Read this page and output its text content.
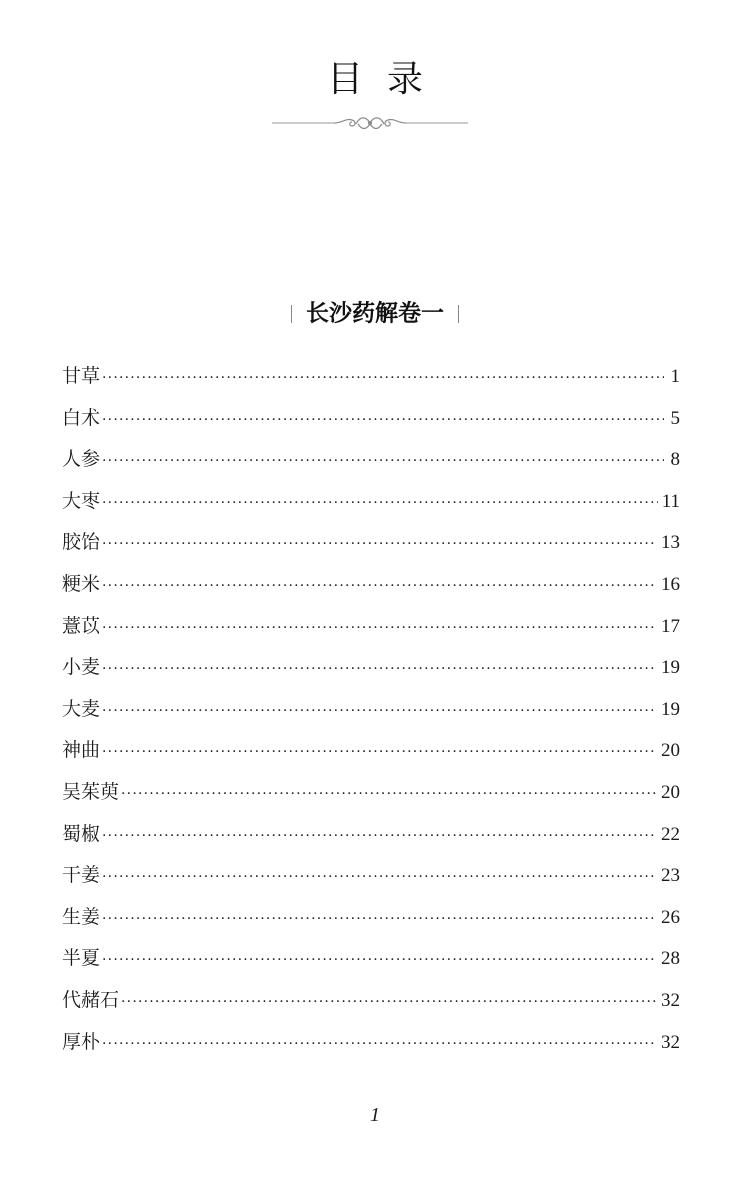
目录
长沙药解卷一
甘草 ·····	1
白术 ·····	5
人参 ·····	8
大枣 ·····	11
胶饴 ·····	13
粳米 ·····	16
薏苡 ·····	17
小麦 ·····	19
大麦 ·····	19
神曲 ·····	20
吴茱萸 ·····	20
蜀椒 ·····	22
干姜 ·····	23
生姜 ·····	26
半夏 ·····	28
代赭石 ·····	32
厚朴 ·····	32
1
